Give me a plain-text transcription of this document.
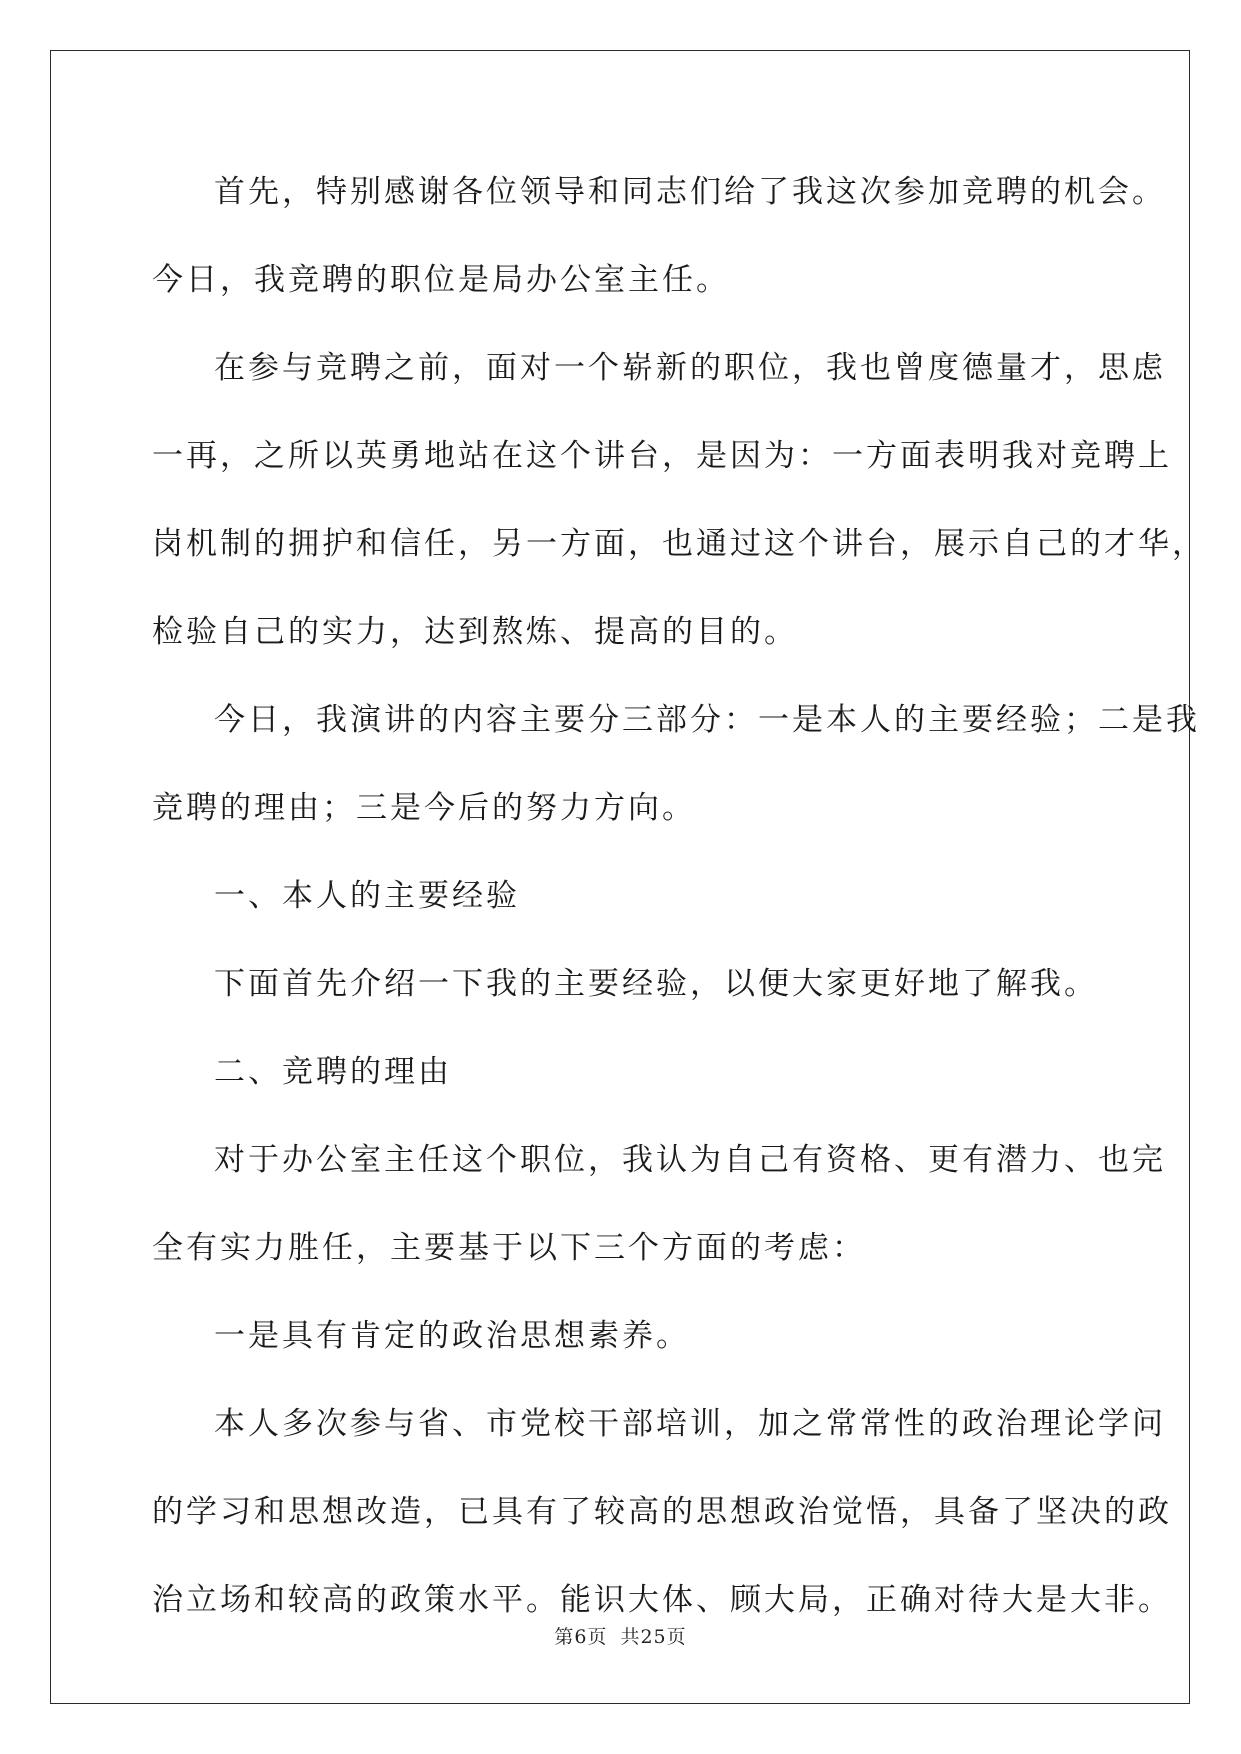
首先，特别感谢各位领导和同志们给了我这次参加竞聘的机会。
今日，我竞聘的职位是局办公室主任。
在参与竞聘之前，面对一个崭新的职位，我也曾度德量才，思虑
一再，之所以英勇地站在这个讲台，是因为：一方面表明我对竞聘上
岗机制的拥护和信任，另一方面，也通过这个讲台，展示自己的才华，
检验自己的实力，达到熬炼、提高的目的。
今日，我演讲的内容主要分三部分：一是本人的主要经验；二是我
竞聘的理由；三是今后的努力方向。
一、本人的主要经验
下面首先介绍一下我的主要经验，以便大家更好地了解我。
二、竞聘的理由
对于办公室主任这个职位，我认为自己有资格、更有潜力、也完
全有实力胜任，主要基于以下三个方面的考虑：
一是具有肯定的政治思想素养。
本人多次参与省、市党校干部培训，加之常常性的政治理论学问
的学习和思想改造，已具有了较高的思想政治觉悟，具备了坚决的政
治立场和较高的政策水平。能识大体、顾大局，正确对待大是大非。
第6页 共25页
